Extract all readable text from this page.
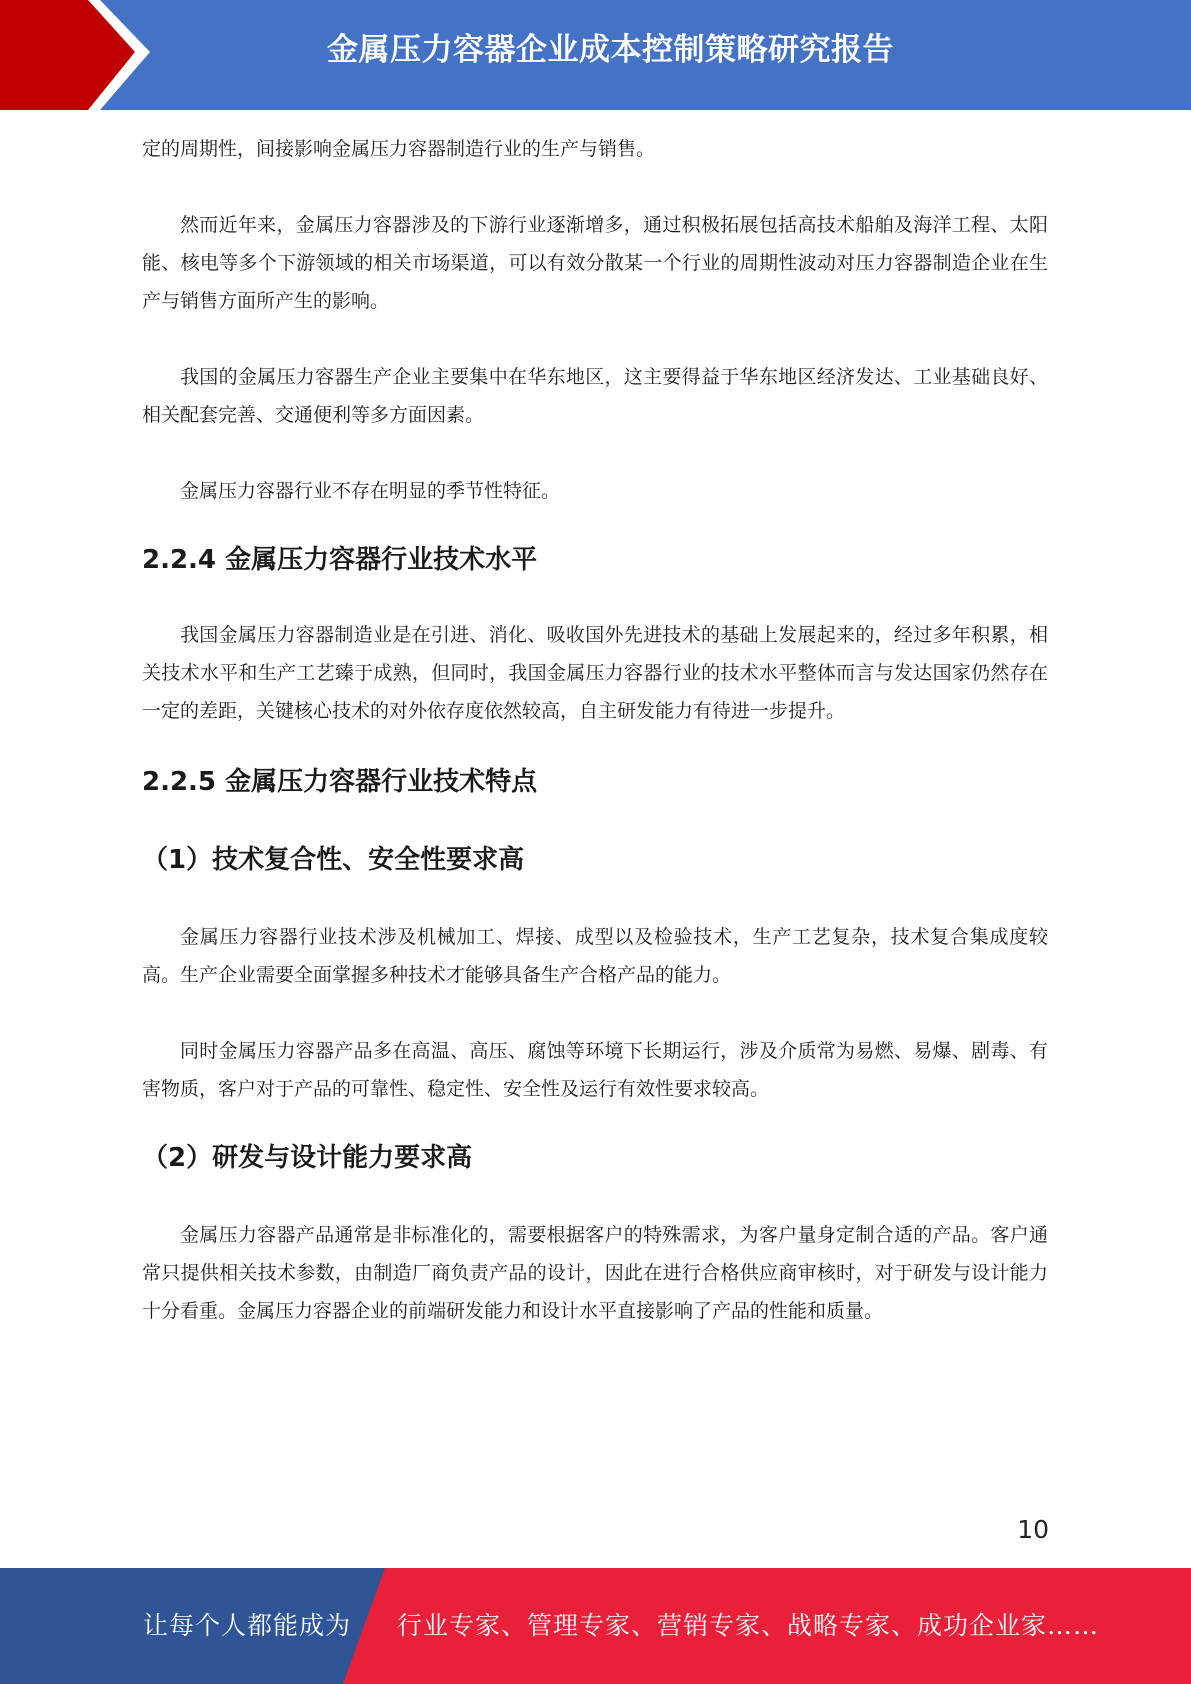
金属压力容器企业成本控制策略研究报告

定的周期性，间接影响金属压力容器制造行业的生产与销售。

然而近年来，金属压力容器涉及的下游行业逐渐增多，通过积极拓展包括高技术船舶及海洋工程、太阳能、核电等多个下游领域的相关市场渠道，可以有效分散某一个行业的周期性波动对压力容器制造企业在生产与销售方面所产生的影响。

我国的金属压力容器生产企业主要集中在华东地区，这主要得益于华东地区经济发达、工业基础良好、相关配套完善、交通便利等多方面因素。

金属压力容器行业不存在明显的季节性特征。

2.2.4 金属压力容器行业技术水平

我国金属压力容器制造业是在引进、消化、吸收国外先进技术的基础上发展起来的，经过多年积累，相关技术水平和生产工艺臻于成熟，但同时，我国金属压力容器行业的技术水平整体而言与发达国家仍然存在一定的差距，关键核心技术的对外依存度依然较高，自主研发能力有待进一步提升。

2.2.5 金属压力容器行业技术特点
（1）技术复合性、安全性要求高

金属压力容器行业技术涉及机械加工、焊接、成型以及检验技术，生产工艺复杂，技术复合集成度较高。生产企业需要全面掌握多种技术才能够具备生产合格产品的能力。

同时金属压力容器产品多在高温、高压、腐蚀等环境下长期运行，涉及介质常为易燃、易爆、剧毒、有害物质，客户对于产品的可靠性、稳定性、安全性及运行有效性要求较高。

（2）研发与设计能力要求高

金属压力容器产品通常是非标准化的，需要根据客户的特殊需求，为客户量身定制合适的产品。客户通常只提供相关技术参数，由制造厂商负责产品的设计，因此在进行合格供应商审核时，对于研发与设计能力十分看重。金属压力容器企业的前端研发能力和设计水平直接影响了产品的性能和质量。

10
让每个人都能成为 行业专家、管理专家、营销专家、战略专家、成功企业家……
